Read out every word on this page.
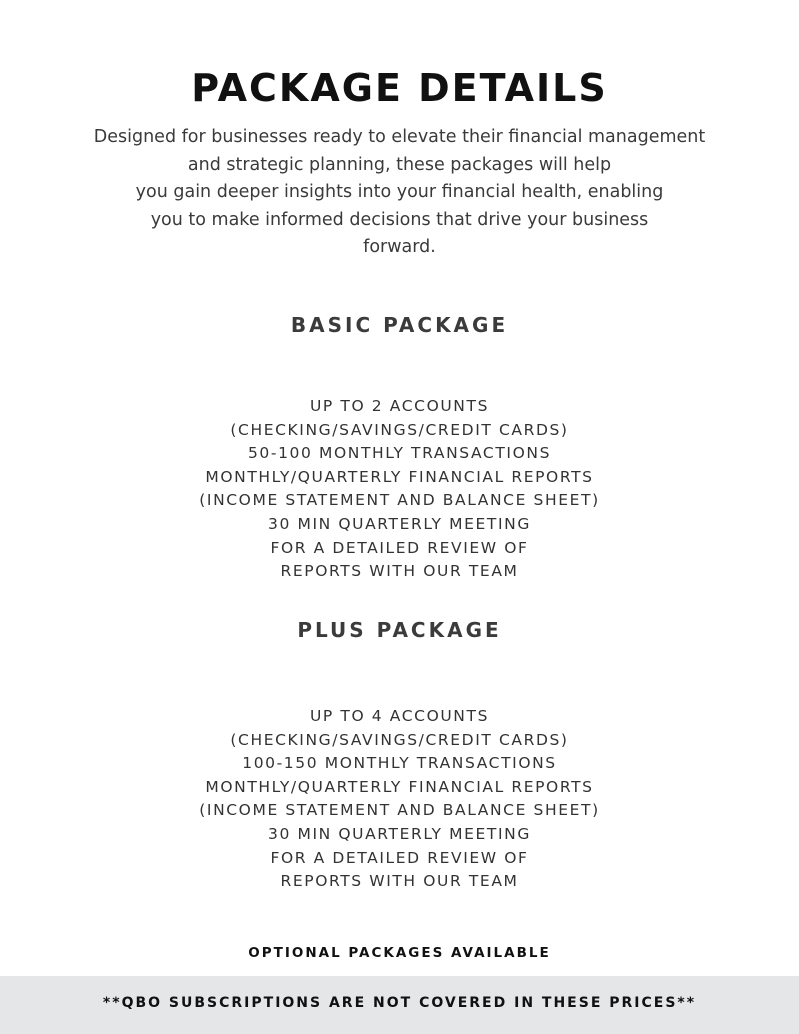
PACKAGE DETAILS
Designed for businesses ready to elevate their financial management
and strategic planning, these packages will help
you gain deeper insights into your financial health, enabling
you to make informed decisions that drive your business
forward.
BASIC PACKAGE
UP TO 2 ACCOUNTS
(CHECKING/SAVINGS/CREDIT CARDS)
50-100 MONTHLY TRANSACTIONS
MONTHLY/QUARTERLY FINANCIAL REPORTS
(INCOME STATEMENT AND BALANCE SHEET)
30 MIN QUARTERLY MEETING
FOR A DETAILED REVIEW OF
REPORTS WITH OUR TEAM
PLUS PACKAGE
UP TO 4 ACCOUNTS
(CHECKING/SAVINGS/CREDIT CARDS)
100-150 MONTHLY TRANSACTIONS
MONTHLY/QUARTERLY FINANCIAL REPORTS
(INCOME STATEMENT AND BALANCE SHEET)
30 MIN QUARTERLY MEETING
FOR A DETAILED REVIEW OF
REPORTS WITH OUR TEAM
OPTIONAL PACKAGES AVAILABLE
**QBO SUBSCRIPTIONS ARE NOT COVERED IN THESE PRICES**
